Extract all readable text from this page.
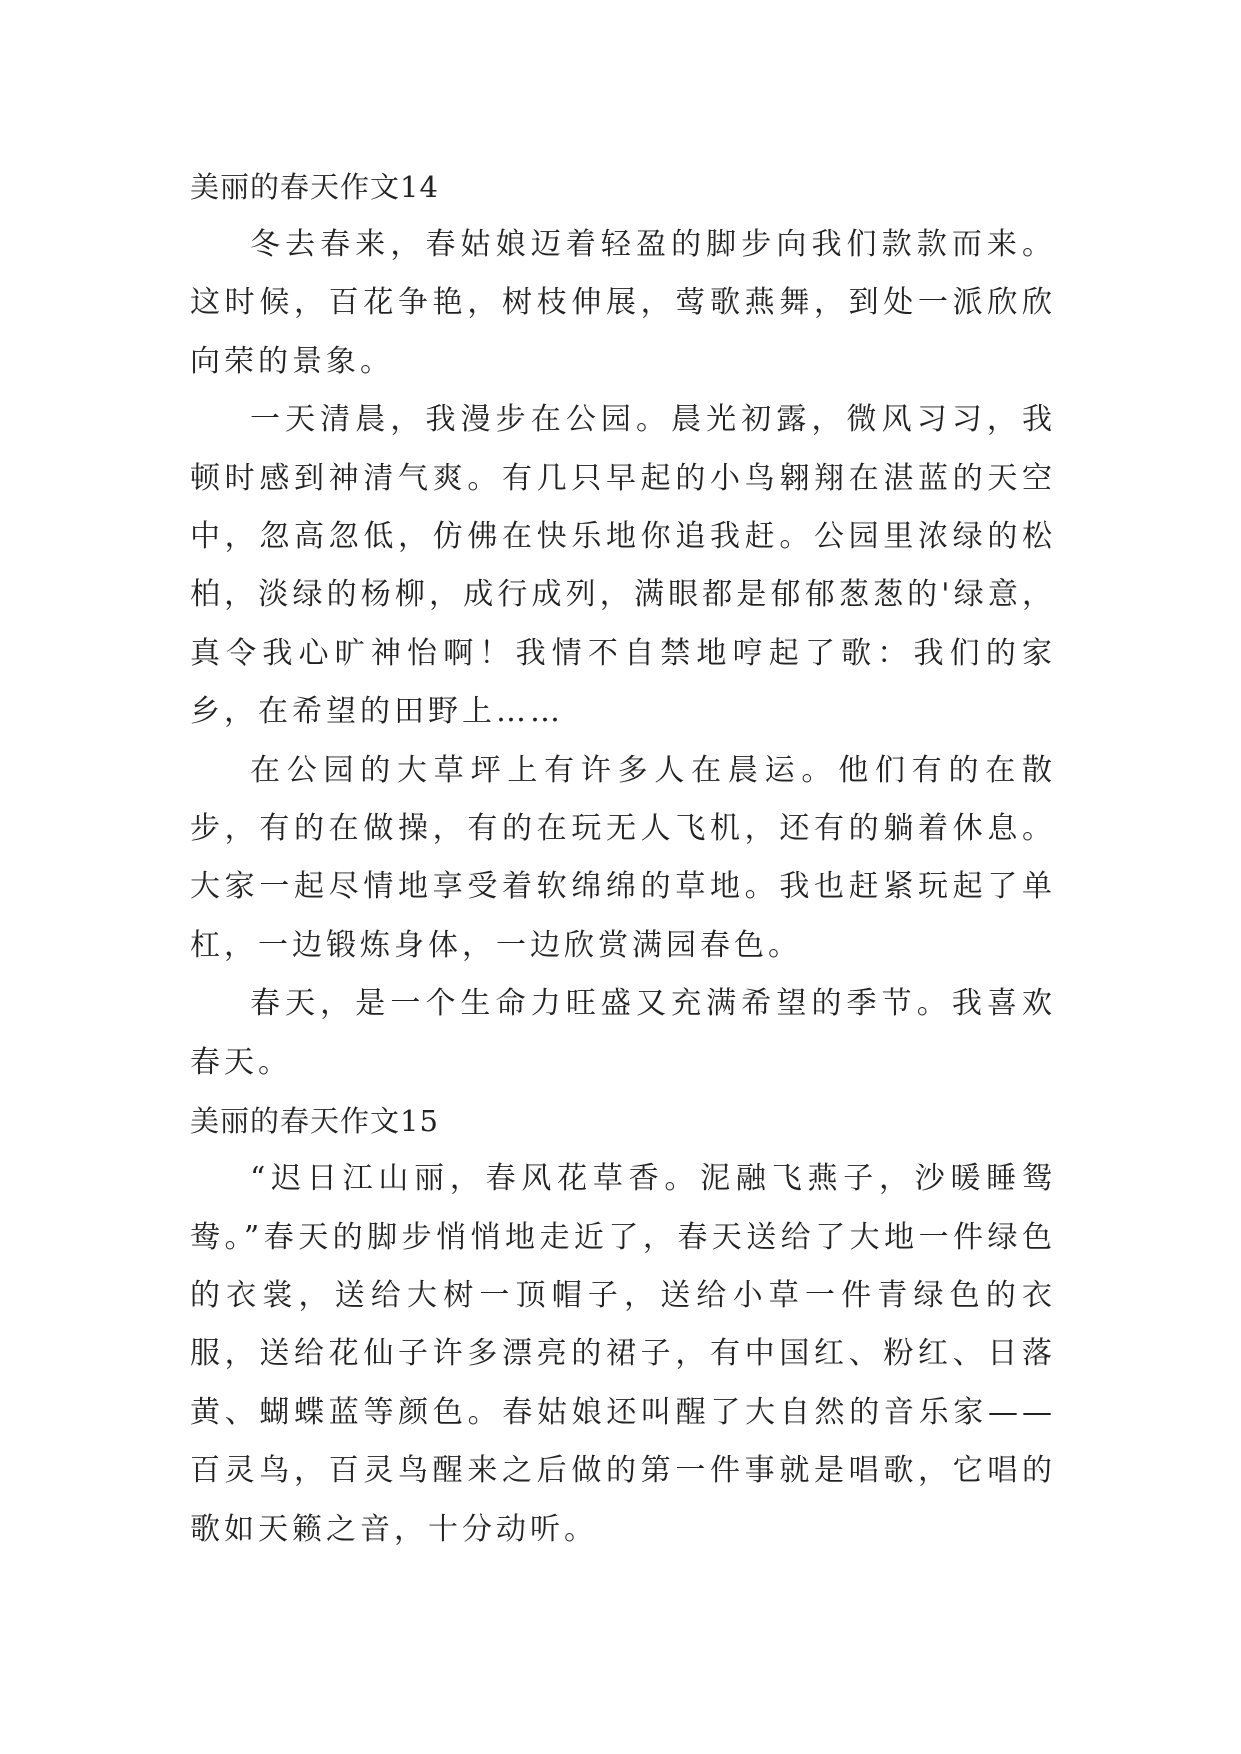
美丽的春天作文14

冬去春来，春姑娘迈着轻盈的脚步向我们款款而来。这时候，百花争艳，树枝伸展，莺歌燕舞，到处一派欣欣向荣的景象。

一天清晨，我漫步在公园。晨光初露，微风习习，我顿时感到神清气爽。有几只早起的小鸟翱翔在湛蓝的天空中，忽高忽低，仿佛在快乐地你追我赶。公园里浓绿的松柏，淡绿的杨柳，成行成列，满眼都是郁郁葱葱的'绿意，真令我心旷神怡啊！我情不自禁地哼起了歌：我们的家乡，在希望的田野上……

在公园的大草坪上有许多人在晨运。他们有的在散步，有的在做操，有的在玩无人飞机，还有的躺着休息。大家一起尽情地享受着软绵绵的草地。我也赶紧玩起了单杠，一边锻炼身体，一边欣赏满园春色。

春天，是一个生命力旺盛又充满希望的季节。我喜欢春天。

美丽的春天作文15

“迟日江山丽，春风花草香。泥融飞燕子，沙暖睡鸳鸯。”春天的脚步悄悄地走近了，春天送给了大地一件绿色的衣裳，送给大树一顶帽子，送给小草一件青绿色的衣服，送给花仙子许多漂亮的裙子，有中国红、粉红、日落黄、蝴蝶蓝等颜色。春姑娘还叫醒了大自然的音乐家——百灵鸟，百灵鸟醒来之后做的第一件事就是唱歌，它唱的歌如天籁之音，十分动听。
